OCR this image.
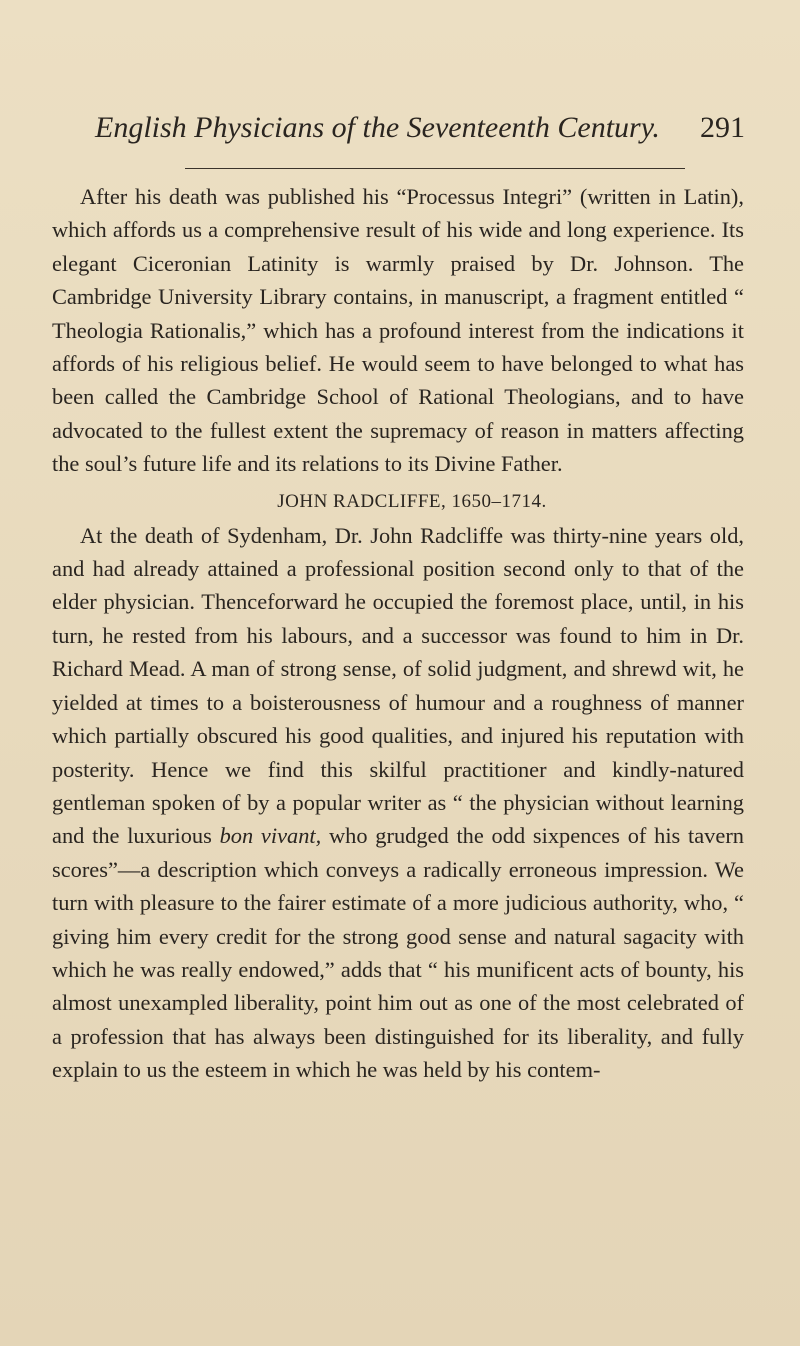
English Physicians of the Seventeenth Century. 291

After his death was published his “Processus Integri” (written in Latin), which affords us a comprehensive result of his wide and long experience. Its elegant Ciceronian Latinity is warmly praised by Dr. Johnson. The Cambridge University Library contains, in manuscript, a fragment entitled “ Theologia Rationalis,” which has a profound interest from the indications it affords of his religious belief. He would seem to have belonged to what has been called the Cambridge School of Rational Theologians, and to have advocated to the fullest extent the supremacy of reason in matters affecting the soul’s future life and its relations to its Divine Father.

JOHN RADCLIFFE, 1650–1714.

At the death of Sydenham, Dr. John Radcliffe was thirty-nine years old, and had already attained a professional position second only to that of the elder physician. Thenceforward he occupied the foremost place, until, in his turn, he rested from his labours, and a successor was found to him in Dr. Richard Mead. A man of strong sense, of solid judgment, and shrewd wit, he yielded at times to a boisterousness of humour and a roughness of manner which partially obscured his good qualities, and injured his reputation with posterity. Hence we find this skilful practitioner and kindly-natured gentleman spoken of by a popular writer as “ the physician without learning and the luxurious bon vivant, who grudged the odd sixpences of his tavern scores”—a description which conveys a radically erroneous impression. We turn with pleasure to the fairer estimate of a more judicious authority, who, “ giving him every credit for the strong good sense and natural sagacity with which he was really endowed,” adds that “ his munificent acts of bounty, his almost unexampled liberality, point him out as one of the most celebrated of a profession that has always been distinguished for its liberality, and fully explain to us the esteem in which he was held by his contem-
